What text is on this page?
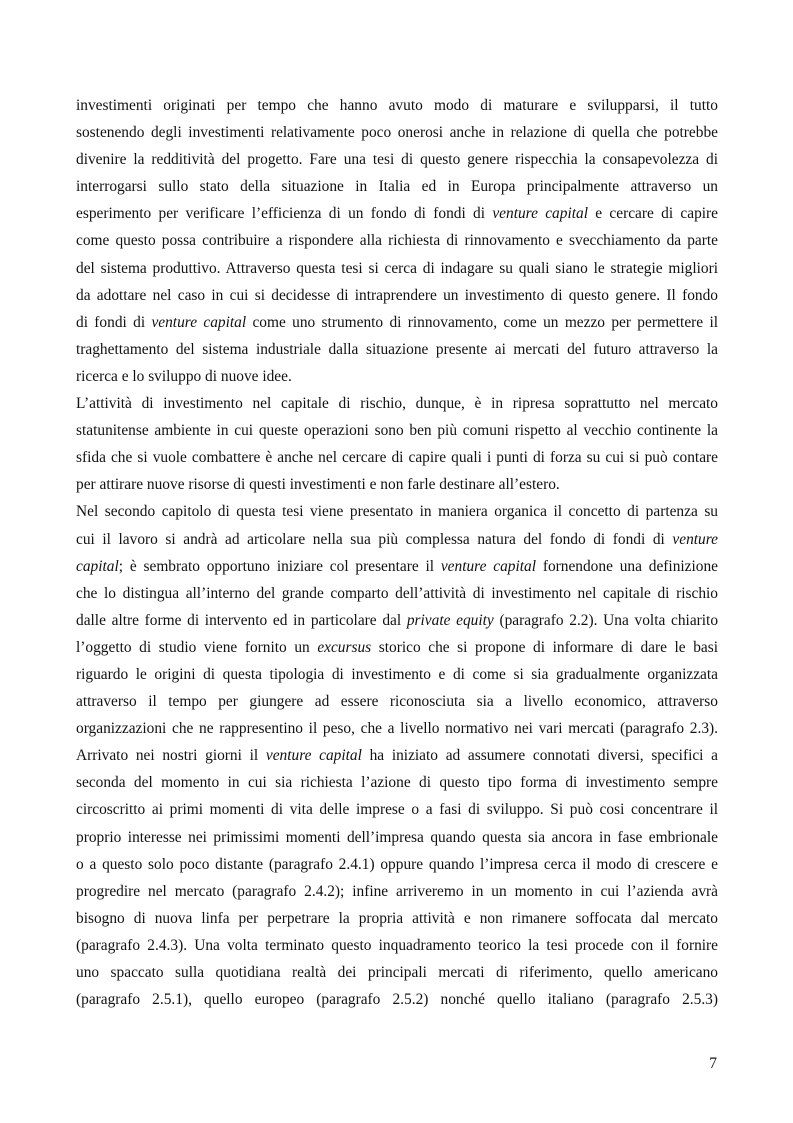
investimenti originati per tempo che hanno avuto modo di maturare e svilupparsi, il tutto
sostenendo degli investimenti relativamente poco onerosi anche in relazione di quella che potrebbe
divenire la redditività del progetto. Fare una tesi di questo genere rispecchia la consapevolezza di
interrogarsi sullo stato della situazione in Italia ed in Europa principalmente attraverso un
esperimento per verificare l’efficienza di un fondo di fondi di venture capital e cercare di capire
come questo possa contribuire a rispondere alla richiesta di rinnovamento e svecchiamento da parte
del sistema produttivo. Attraverso questa tesi si cerca di indagare su quali siano le strategie migliori
da adottare nel caso in cui si decidesse di intraprendere un investimento di questo genere. Il fondo
di fondi di venture capital come uno strumento di rinnovamento, come un mezzo per permettere il
traghettamento del sistema industriale dalla situazione presente ai mercati del futuro attraverso la
ricerca e lo sviluppo di nuove idee.
L’attività di investimento nel capitale di rischio, dunque, è in ripresa soprattutto nel mercato
statunitense ambiente in cui queste operazioni sono ben più comuni rispetto al vecchio continente la
sfida che si vuole combattere è anche nel cercare di capire quali i punti di forza su cui si può contare
per attirare nuove risorse di questi investimenti e non farle destinare all’estero.
Nel secondo capitolo di questa tesi viene presentato in maniera organica il concetto di partenza su
cui il lavoro si andrà ad articolare nella sua più complessa natura del fondo di fondi di venture
capital; è sembrato opportuno iniziare col presentare il venture capital fornendone una definizione
che lo distingua all’interno del grande comparto dell’attività di investimento nel capitale di rischio
dalle altre forme di intervento ed in particolare dal private equity (paragrafo 2.2). Una volta chiarito
l’oggetto di studio viene fornito un excursus storico che si propone di informare di dare le basi
riguardo le origini di questa tipologia di investimento e di come si sia gradualmente organizzata
attraverso il tempo per giungere ad essere riconosciuta sia a livello economico, attraverso
organizzazioni che ne rappresentino il peso, che a livello normativo nei vari mercati (paragrafo 2.3).
Arrivato nei nostri giorni il venture capital ha iniziato ad assumere connotati diversi, specifici a
seconda del momento in cui sia richiesta l’azione di questo tipo forma di investimento sempre
circoscritto ai primi momenti di vita delle imprese o a fasi di sviluppo. Si può cosi concentrare il
proprio interesse nei primissimi momenti dell’impresa quando questa sia ancora in fase embrionale
o a questo solo poco distante (paragrafo 2.4.1) oppure quando l’impresa cerca il modo di crescere e
progredire nel mercato (paragrafo 2.4.2); infine arriveremo in un momento in cui l’azienda avrà
bisogno di nuova linfa per perpetrare la propria attività e non rimanere soffocata dal mercato
(paragrafo 2.4.3). Una volta terminato questo inquadramento teorico la tesi procede con il fornire
uno spaccato sulla quotidiana realtà dei principali mercati di riferimento, quello americano
(paragrafo 2.5.1), quello europeo (paragrafo 2.5.2) nonché quello italiano (paragrafo 2.5.3)
7
